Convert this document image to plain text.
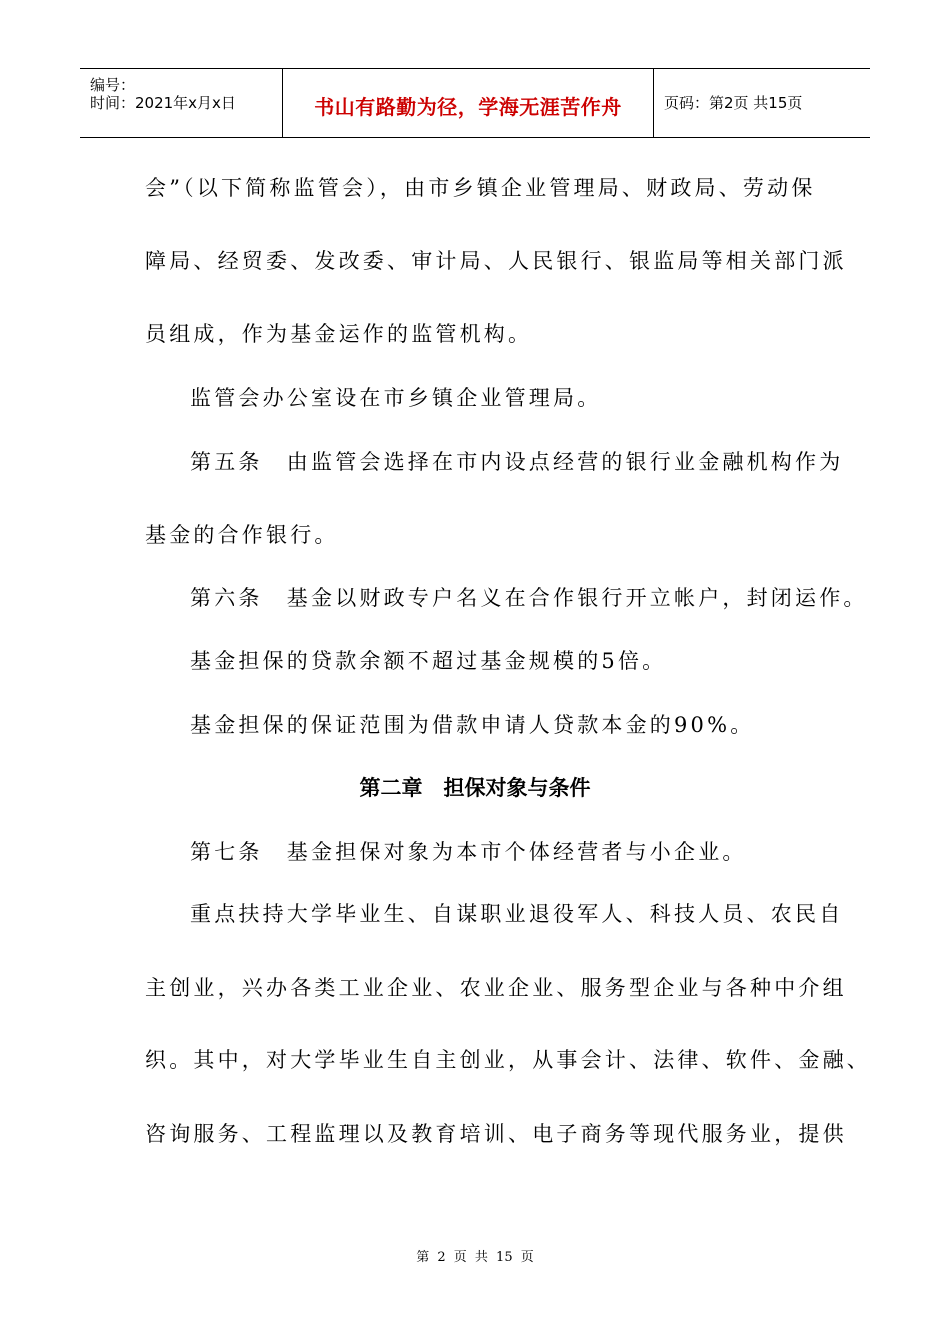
编号：
时间：2021年x月x日	书山有路勤为径，学海无涯苦作舟	页码：第2页 共15页
会”（以下简称监管会），由市乡镇企业管理局、财政局、劳动保
障局、经贸委、发改委、审计局、人民银行、银监局等相关部门派
员组成，作为基金运作的监管机构。
监管会办公室设在市乡镇企业管理局。
第五条　由监管会选择在市内设点经营的银行业金融机构作为
基金的合作银行。
第六条　基金以财政专户名义在合作银行开立帐户，封闭运作。
基金担保的贷款余额不超过基金规模的5倍。
基金担保的保证范围为借款申请人贷款本金的90%。
第二章　担保对象与条件
第七条　基金担保对象为本市个体经营者与小企业。
重点扶持大学毕业生、自谋职业退役军人、科技人员、农民自
主创业，兴办各类工业企业、农业企业、服务型企业与各种中介组
织。其中，对大学毕业生自主创业，从事会计、法律、软件、金融、
咨询服务、工程监理以及教育培训、电子商务等现代服务业，提供
第 2 页 共 15 页
